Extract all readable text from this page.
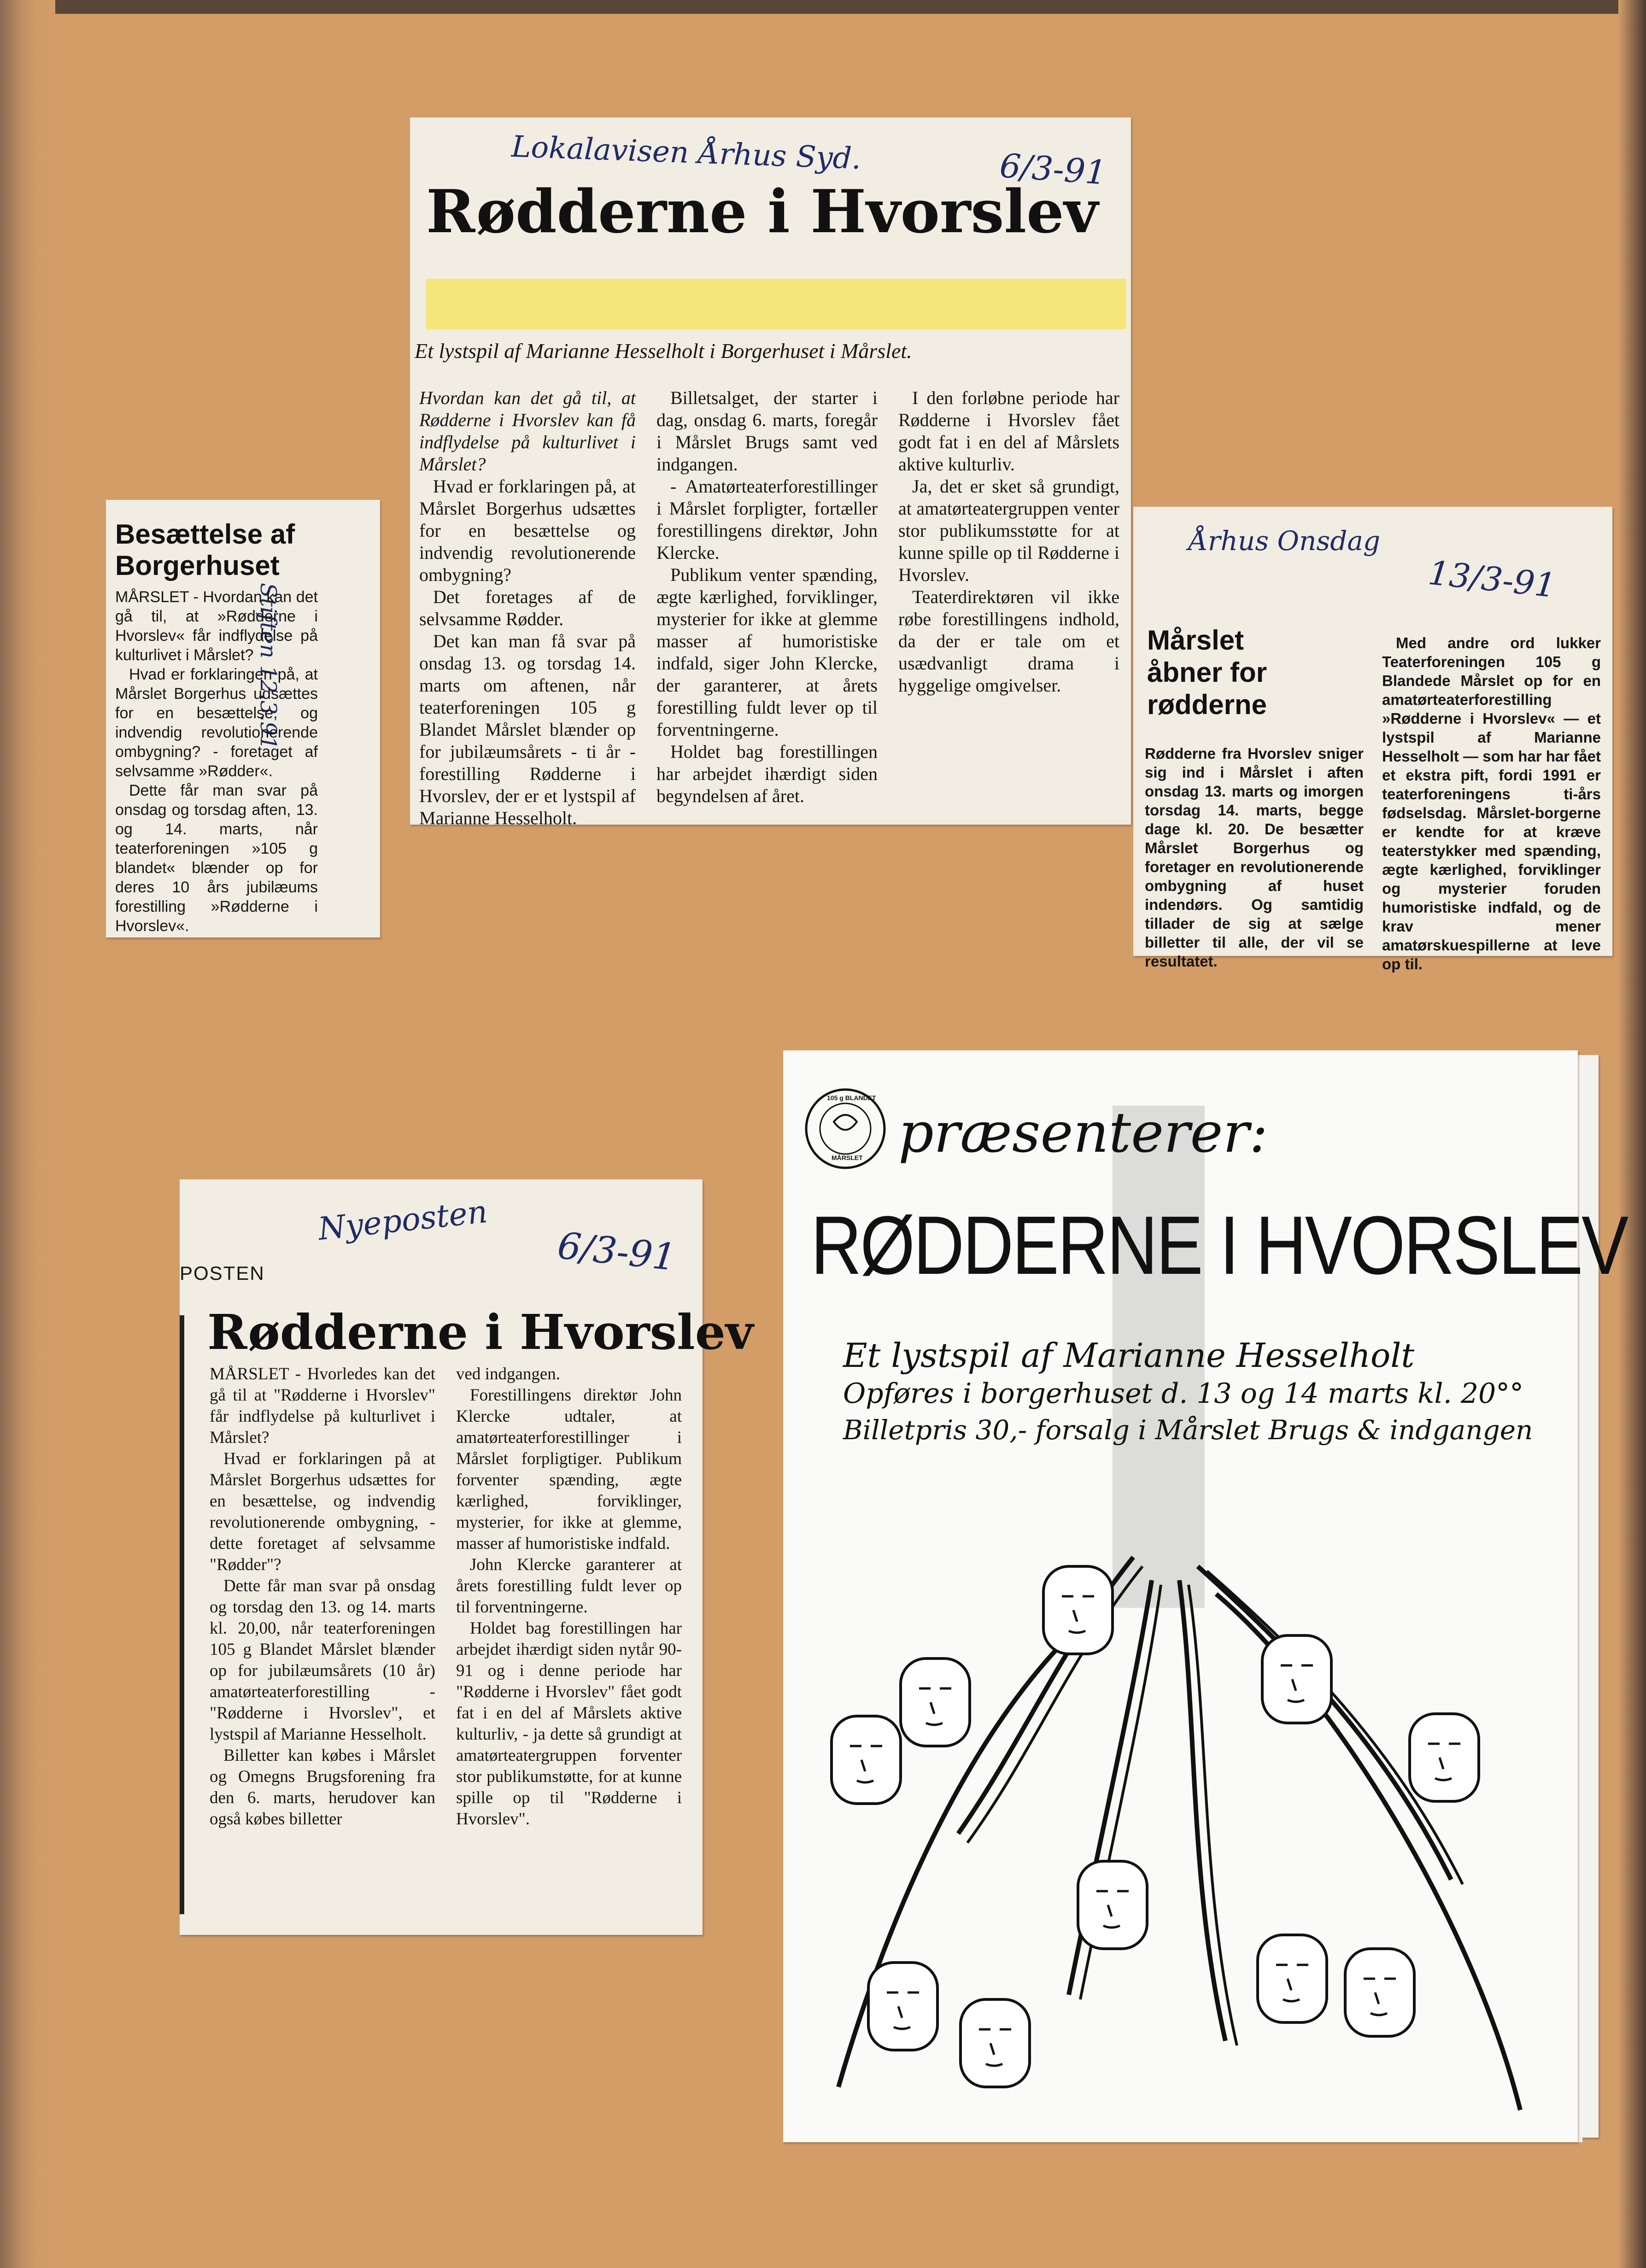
Lokalavisen Århus Syd.	6/3-91
Rødderne i Hvorslev
Et lystspil af Marianne Hesselholt i Borgerhuset i Mårslet.

Hvordan kan det gå til, at Rødderne i Hvorslev kan få indflydelse på kulturlivet i Mårslet?

Hvad er forklaringen på, at Mårslet Borgerhus udsættes for en besættelse og indvendig revolutionerende ombygning?

Det foretages af de selvsamme Rødder.

Det kan man få svar på onsdag 13. og torsdag 14. marts om aftenen, når teaterforeningen 105 g Blandet Mårslet blænder op for jubilæumsårets - ti år - forestilling Rødderne i Hvorslev, der er et lystspil af Marianne Hesselholt.

Billetsalget, der starter i dag, onsdag 6. marts, foregår i Mårslet Brugs samt ved indgangen.

- Amatørteaterforestillinger i Mårslet forpligter, fortæller forestillingens direktør, John Klercke.

Publikum venter spænding, ægte kærlighed, forviklinger, mysterier for ikke at glemme masser af humoristiske indfald, siger John Klercke, der garanterer, at årets forestilling fuldt lever op til forventningerne.

Holdet bag forestillingen har arbejdet ihærdigt siden begyndelsen af året.

I den forløbne periode har Rødderne i Hvorslev fået godt fat i en del af Mårslets aktive kulturliv.

Ja, det er sket så grundigt, at amatørteatergruppen venter stor publikumsstøtte for at kunne spille op til Rødderne i Hvorslev.

Teaterdirektøren vil ikke røbe forestillingens indhold, da der er tale om et usædvanligt drama i hyggelige omgivelser.

Besættelse af
Borgerhuset
Stiften 12.3.91

MÅRSLET - Hvordan kan det gå til, at »Rødderne i Hvorslev« får indflydelse på kulturlivet i Mårslet?

Hvad er forklaringen på, at Mårslet Borgerhus udsættes for en besættelse, og indvendig revolutionerende ombygning? - foretaget af selvsamme »Rødder«.

Dette får man svar på onsdag og torsdag aften, 13. og 14. marts, når teaterforeningen »105 g blandet« blænder op for deres 10 års jubilæums forestilling »Rødderne i Hvorslev«.

Århus Onsdag
13/3-91
Mårslet
åbner for
rødderne

Rødderne fra Hvorslev sniger sig ind i Mårslet i aften onsdag 13. marts og imorgen torsdag 14. marts, begge dage kl. 20. De besætter Mårslet Borgerhus og foretager en revolutionerende ombygning af huset indendørs. Og samtidig tillader de sig at sælge billetter til alle, der vil se resultatet.

Med andre ord lukker Teaterforeningen 105 g Blandede Mårslet op for en amatørteaterforestilling »Rødderne i Hvorslev« — et lystspil af Marianne Hesselholt — som har har fået et ekstra pift, fordi 1991 er teaterforeningens ti-års fødselsdag. Mårslet-borgerne er kendte for at kræve teaterstykker med spænding, ægte kærlighed, forviklinger og mysterier foruden humoristiske indfald, og de krav mener amatørskuespillerne at leve op til.

Nyeposten
6/3-91
POSTEN
Rødderne i Hvorslev

MÅRSLET - Hvorledes kan det gå til at "Rødderne i Hvorslev" får indflydelse på kulturlivet i Mårslet?

Hvad er forklaringen på at Mårslet Borgerhus udsættes for en besættelse, og indvendig revolutionerende ombygning, - dette foretaget af selvsamme "Rødder"?

Dette får man svar på onsdag og torsdag den 13. og 14. marts kl. 20,00, når teaterforeningen 105 g Blandet Mårslet blænder op for jubilæumsårets (10 år) amatørteaterforestilling - "Rødderne i Hvorslev", et lystspil af Marianne Hesselholt.

Billetter kan købes i Mårslet og Omegns Brugsforening fra den 6. marts, herudover kan også købes billetter

ved indgangen.

Forestillingens direktør John Klercke udtaler, at amatørteaterforestillinger i Mårslet forpligtiger. Publikum forventer spænding, ægte kærlighed, forviklinger, mysterier, for ikke at glemme, masser af humoristiske indfald.

John Klercke garanterer at årets forestilling fuldt lever op til forventningerne.

Holdet bag forestillingen har arbejdet ihærdigt siden nytår 90-91 og i denne periode har "Rødderne i Hvorslev" fået godt fat i en del af Mårslets aktive kulturliv, - ja dette så grundigt at amatørteatergruppen forventer stor publikumstøtte, for at kunne spille op til "Rødderne i Hvorslev".

105 g BLANDET
MÅRSLET præsenterer:
RØDDERNE I HVORSLEV
Et lystspil af Marianne Hesselholt
Opføres i borgerhuset d. 13 og 14 marts kl. 20°°
Billetpris 30,- forsalg i Mårslet Brugs & indgangen
